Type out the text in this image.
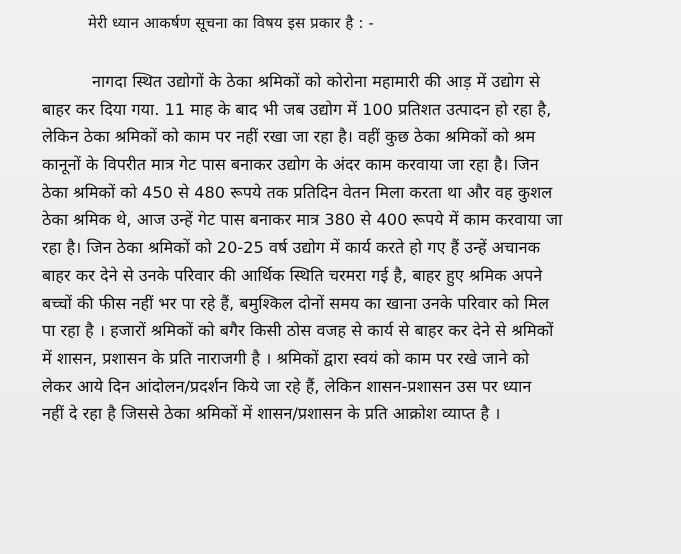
मेरी ध्यान आकर्षण सूचना का विषय इस प्रकार है : -
नागदा स्थित उद्योगों के ठेका श्रमिकों को कोरोना महामारी की आड़ में उद्योग से
बाहर कर दिया गया. 11 माह के बाद भी जब उद्योग में 100 प्रतिशत उत्पादन हो रहा है,
लेकिन ठेका श्रमिकों को काम पर नहीं रखा जा रहा है। वहीं कुछ ठेका श्रमिकों को श्रम
कानूनों के विपरीत मात्र गेट पास बनाकर उद्योग के अंदर काम करवाया जा रहा है। जिन
ठेका श्रमिकों को 450 से 480 रूपये तक प्रतिदिन वेतन मिला करता था और वह कुशल
ठेका श्रमिक थे, आज उन्हें गेट पास बनाकर मात्र 380 से 400 रूपये में काम करवाया जा
रहा है। जिन ठेका श्रमिकों को 20-25 वर्ष उद्योग में कार्य करते हो गए हैं उन्हें अचानक
बाहर कर देने से उनके परिवार की आर्थिक स्थिति चरमरा गई है, बाहर हुए श्रमिक अपने
बच्चों की फीस नहीं भर पा रहे हैं, बमुश्किल दोनों समय का खाना उनके परिवार को मिल
पा रहा है । हजारों श्रमिकों को बगैर किसी ठोस वजह से कार्य से बाहर कर देने से श्रमिकों
में शासन, प्रशासन के प्रति नाराजगी है । श्रमिकों द्वारा स्वयं को काम पर रखे जाने को
लेकर आये दिन आंदोलन/प्रदर्शन किये जा रहे हैं, लेकिन शासन-प्रशासन उस पर ध्यान
नहीं दे रहा है जिससे ठेका श्रमिकों में शासन/प्रशासन के प्रति आक्रोश व्याप्त है ।
